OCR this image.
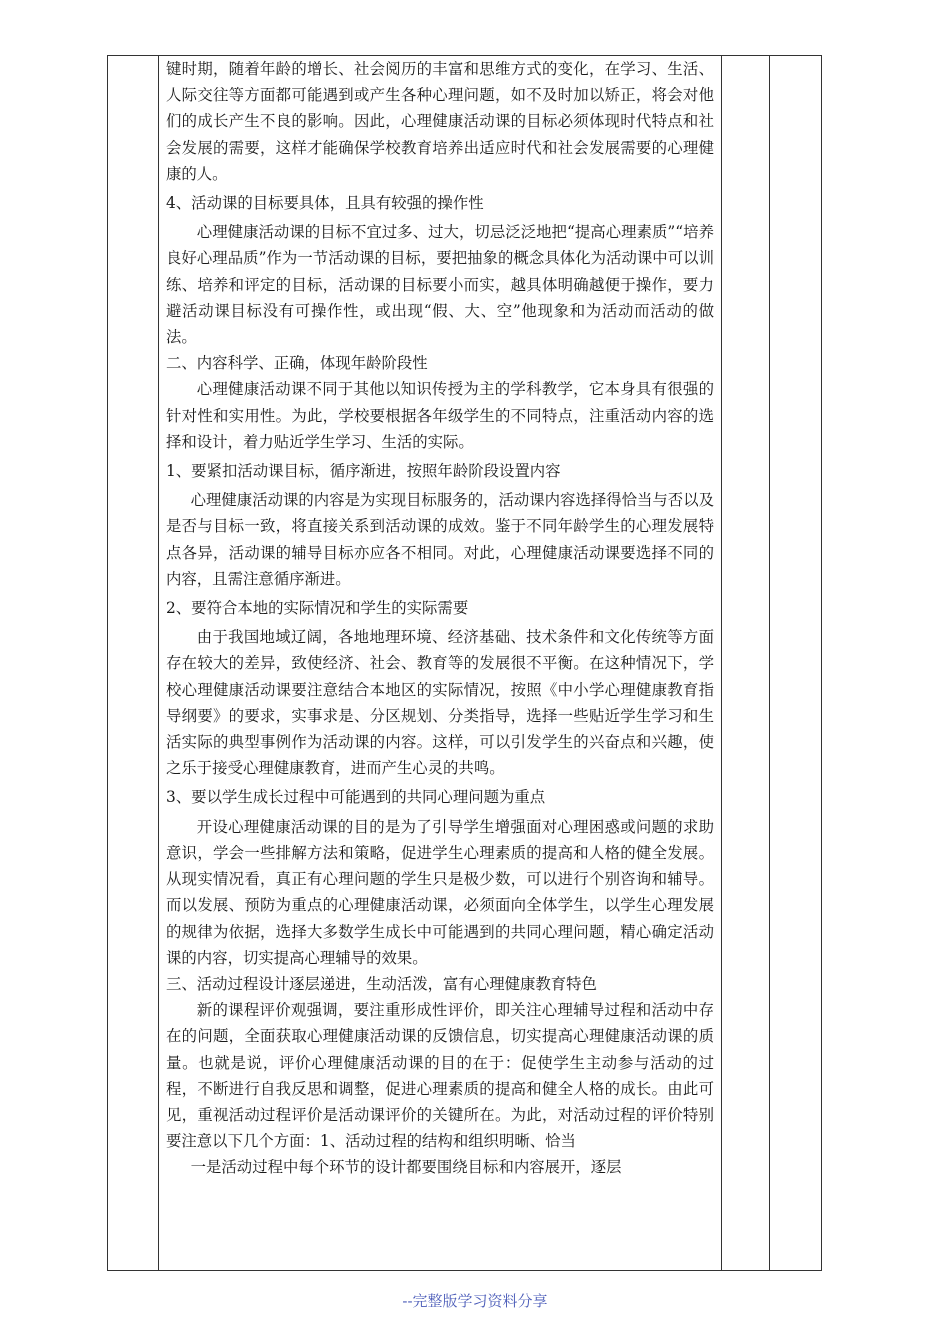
键时期，随着年龄的增长、社会阅历的丰富和思维方式的变化，在学习、生活、人际交往等方面都可能遇到或产生各种心理问题，如不及时加以矫正，将会对他们的成长产生不良的影响。因此，心理健康活动课的目标必须体现时代特点和社会发展的需要，这样才能确保学校教育培养出适应时代和社会发展需要的心理健康的人。

4、活动课的目标要具体，且具有较强的操作性

心理健康活动课的目标不宜过多、过大，切忌泛泛地把“提高心理素质”“培养良好心理品质”作为一节活动课的目标，要把抽象的概念具体化为活动课中可以训练、培养和评定的目标，活动课的目标要小而实，越具体明确越便于操作，要力避活动课目标没有可操作性，或出现“假、大、空”他现象和为活动而活动的做法。

二、内容科学、正确，体现年龄阶段性

心理健康活动课不同于其他以知识传授为主的学科教学，它本身具有很强的针对性和实用性。为此，学校要根据各年级学生的不同特点，注重活动内容的选择和设计，着力贴近学生学习、生活的实际。

1、要紧扣活动课目标，循序渐进，按照年龄阶段设置内容

心理健康活动课的内容是为实现目标服务的，活动课内容选择得恰当与否以及是否与目标一致，将直接关系到活动课的成效。鉴于不同年龄学生的心理发展特点各异，活动课的辅导目标亦应各不相同。对此，心理健康活动课要选择不同的内容，且需注意循序渐进。

2、要符合本地的实际情况和学生的实际需要

由于我国地域辽阔，各地地理环境、经济基础、技术条件和文化传统等方面存在较大的差异，致使经济、社会、教育等的发展很不平衡。在这种情况下，学校心理健康活动课要注意结合本地区的实际情况，按照《中小学心理健康教育指导纲要》的要求，实事求是、分区规划、分类指导，选择一些贴近学生学习和生活实际的典型事例作为活动课的内容。这样，可以引发学生的兴奋点和兴趣，使之乐于接受心理健康教育，进而产生心灵的共鸣。

3、要以学生成长过程中可能遇到的共同心理问题为重点

开设心理健康活动课的目的是为了引导学生增强面对心理困惑或问题的求助意识，学会一些排解方法和策略，促进学生心理素质的提高和人格的健全发展。从现实情况看，真正有心理问题的学生只是极少数，可以进行个别咨询和辅导。而以发展、预防为重点的心理健康活动课，必须面向全体学生，以学生心理发展的规律为依据，选择大多数学生成长中可能遇到的共同心理问题，精心确定活动课的内容，切实提高心理辅导的效果。

三、活动过程设计逐层递进，生动活泼，富有心理健康教育特色

新的课程评价观强调，要注重形成性评价，即关注心理辅导过程和活动中存在的问题，全面获取心理健康活动课的反馈信息，切实提高心理健康活动课的质量。也就是说，评价心理健康活动课的目的在于：促使学生主动参与活动的过程，不断进行自我反思和调整，促进心理素质的提高和健全人格的成长。由此可见，重视活动过程评价是活动课评价的关键所在。为此，对活动过程的评价特别要注意以下几个方面：1、活动过程的结构和组织明晰、恰当

一是活动过程中每个环节的设计都要围绕目标和内容展开，逐层

--完整版学习资料分享
